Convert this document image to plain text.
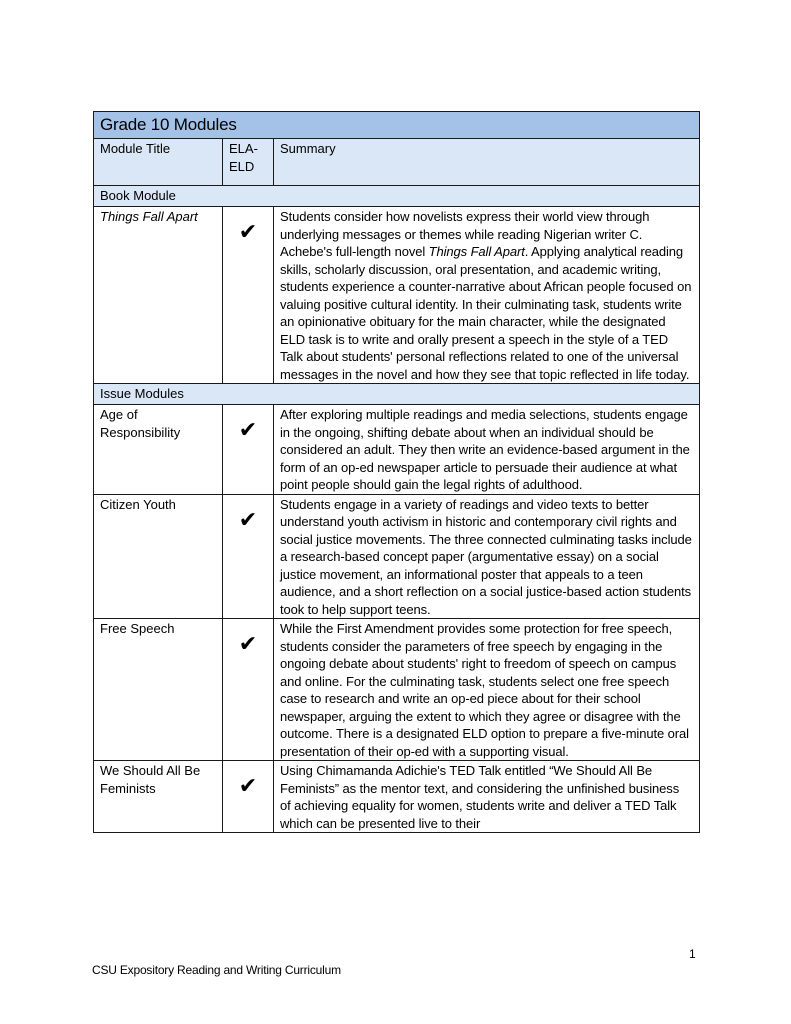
Grade 10 Modules		
Module Title	ELA-ELD	Summary
Book Module		
Things Fall Apart	✔	Students consider how novelists express their world view through underlying messages or themes while reading Nigerian writer C. Achebe's full-length novel Things Fall Apart. Applying analytical reading skills, scholarly discussion, oral presentation, and academic writing, students experience a counter-narrative about African people focused on valuing positive cultural identity. In their culminating task, students write an opinionative obituary for the main character, while the designated ELD task is to write and orally present a speech in the style of a TED Talk about students' personal reflections related to one of the universal messages in the novel and how they see that topic reflected in life today.
Issue Modules		
Age of Responsibility	✔	After exploring multiple readings and media selections, students engage in the ongoing, shifting debate about when an individual should be considered an adult. They then write an evidence-based argument in the form of an op-ed newspaper article to persuade their audience at what point people should gain the legal rights of adulthood.
Citizen Youth	✔	Students engage in a variety of readings and video texts to better understand youth activism in historic and contemporary civil rights and social justice movements. The three connected culminating tasks include a research-based concept paper (argumentative essay) on a social justice movement, an informational poster that appeals to a teen audience, and a short reflection on a social justice-based action students took to help support teens.
Free Speech	✔	While the First Amendment provides some protection for free speech, students consider the parameters of free speech by engaging in the ongoing debate about students' right to freedom of speech on campus and online. For the culminating task, students select one free speech case to research and write an op-ed piece about for their school newspaper, arguing the extent to which they agree or disagree with the outcome. There is a designated ELD option to prepare a five-minute oral presentation of their op-ed with a supporting visual.
We Should All Be Feminists	✔	Using Chimamanda Adichie's TED Talk entitled “We Should All Be Feminists” as the mentor text, and considering the unfinished business of achieving equality for women, students write and deliver a TED Talk which can be presented live to their
1
CSU Expository Reading and Writing Curriculum
